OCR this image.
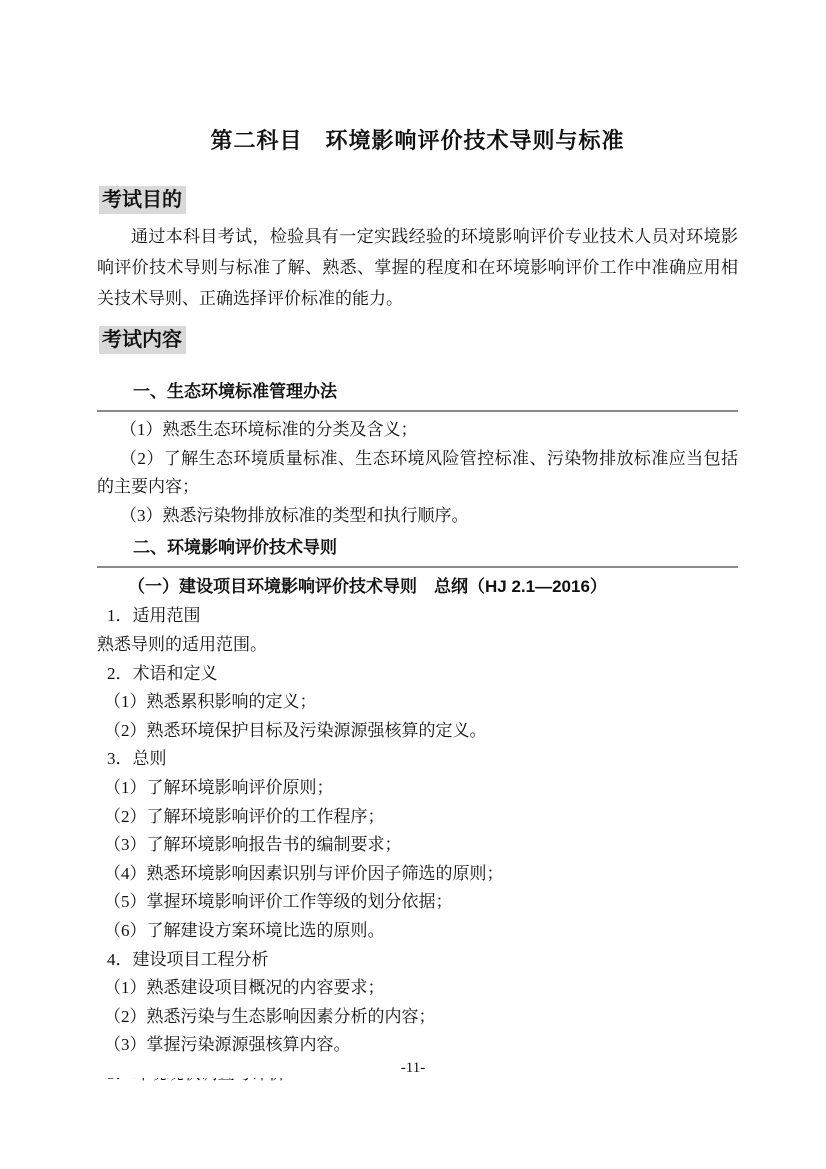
第二科目　环境影响评价技术导则与标准
考试目的

通过本科目考试，检验具有一定实践经验的环境影响评价专业技术人员对环境影响评价技术导则与标准了解、熟悉、掌握的程度和在环境影响评价工作中准确应用相关技术导则、正确选择评价标准的能力。

考试内容
一、生态环境标准管理办法

（1）熟悉生态环境标准的分类及含义；

（2）了解生态环境质量标准、生态环境风险管控标准、污染物排放标准应当包括的主要内容；

（3）熟悉污染物排放标准的类型和执行顺序。

二、环境影响评价技术导则
（一）建设项目环境影响评价技术导则　总纲（HJ 2.1—2016）

1．适用范围

熟悉导则的适用范围。

2．术语和定义

（1）熟悉累积影响的定义；

（2）熟悉环境保护目标及污染源源强核算的定义。

3．总则

（1）了解环境影响评价原则；

（2）了解环境影响评价的工作程序；

（3）了解环境影响报告书的编制要求；

（4）熟悉环境影响因素识别与评价因子筛选的原则；

（5）掌握环境影响评价工作等级的划分依据；

（6）了解建设方案环境比选的原则。

4．建设项目工程分析

（1）熟悉建设项目概况的内容要求；

（2）熟悉污染与生态影响因素分析的内容；

（3）掌握污染源源强核算内容。

-11-
